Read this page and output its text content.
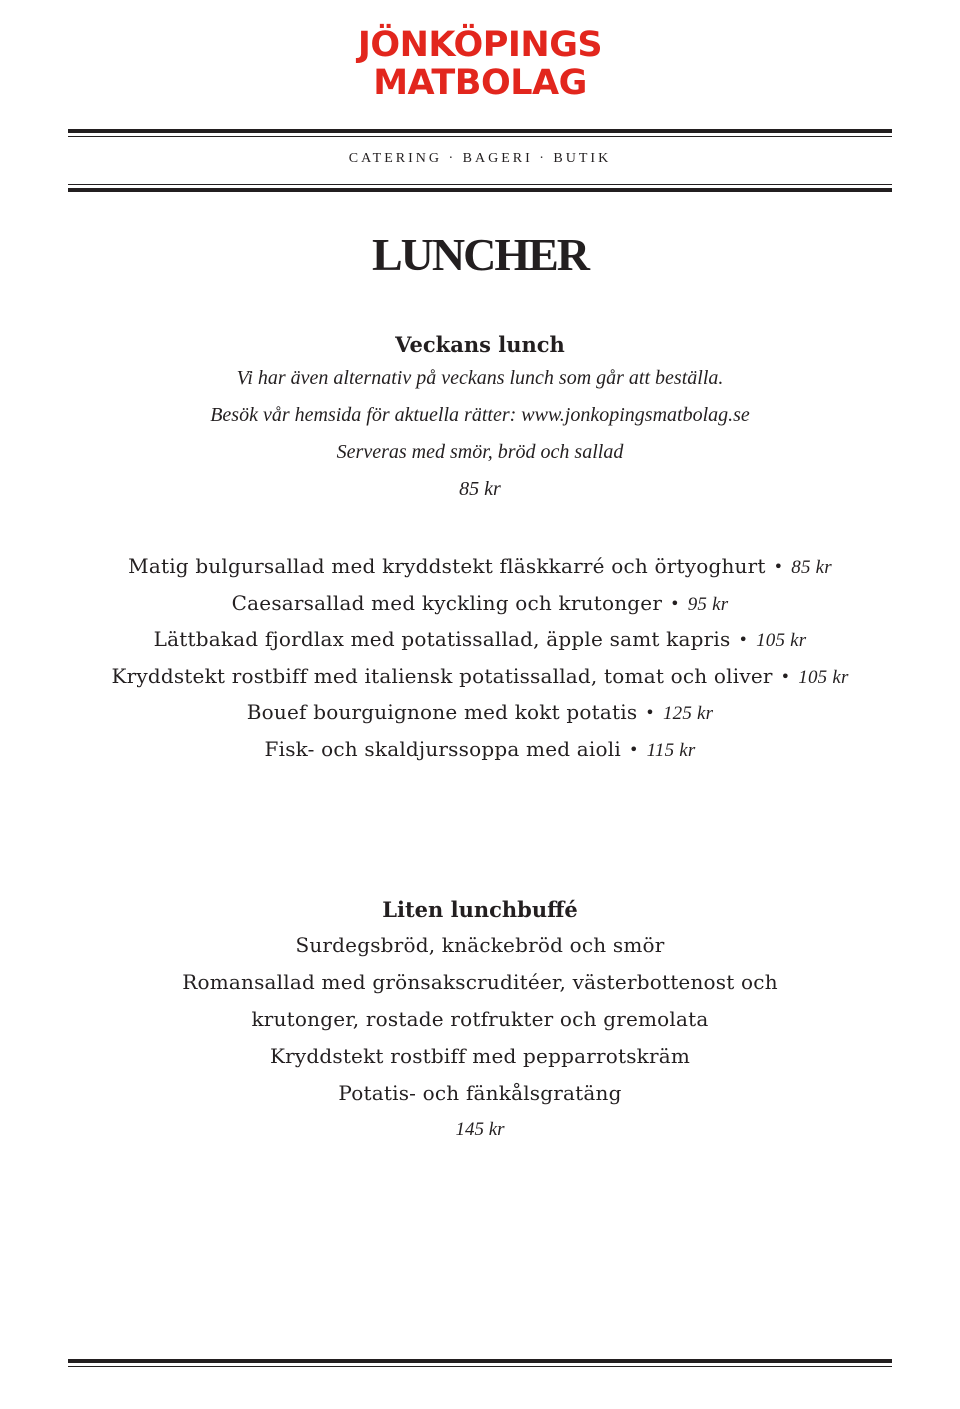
JÖNKÖPINGS
MATBOLAG
CATERING · BAGERI · BUTIK
LUNCHER
Veckans lunch
Vi har även alternativ på veckans lunch som går att beställa.
Besök vår hemsida för aktuella rätter: www.jonkopingsmatbolag.se
Serveras med smör, bröd och sallad
85 kr
Matig bulgursallad med kryddstekt fläskkarré och örtyoghurt • 85 kr
Caesarsallad med kyckling och krutonger • 95 kr
Lättbakad fjordlax med potatissallad, äpple samt kapris • 105 kr
Kryddstekt rostbiff med italiensk potatissallad, tomat och oliver • 105 kr
Bouef bourguignone med kokt potatis • 125 kr
Fisk- och skaldjurssoppa med aioli • 115 kr
Liten lunchbuffé
Surdegsbröd, knäckebröd och smör
Romansallad med grönsakscruditéer, västerbottenost och
krutonger, rostade rotfrukter och gremolata
Kryddstekt rostbiff med pepparrotskräm
Potatis- och fänkålsgratäng
145 kr
